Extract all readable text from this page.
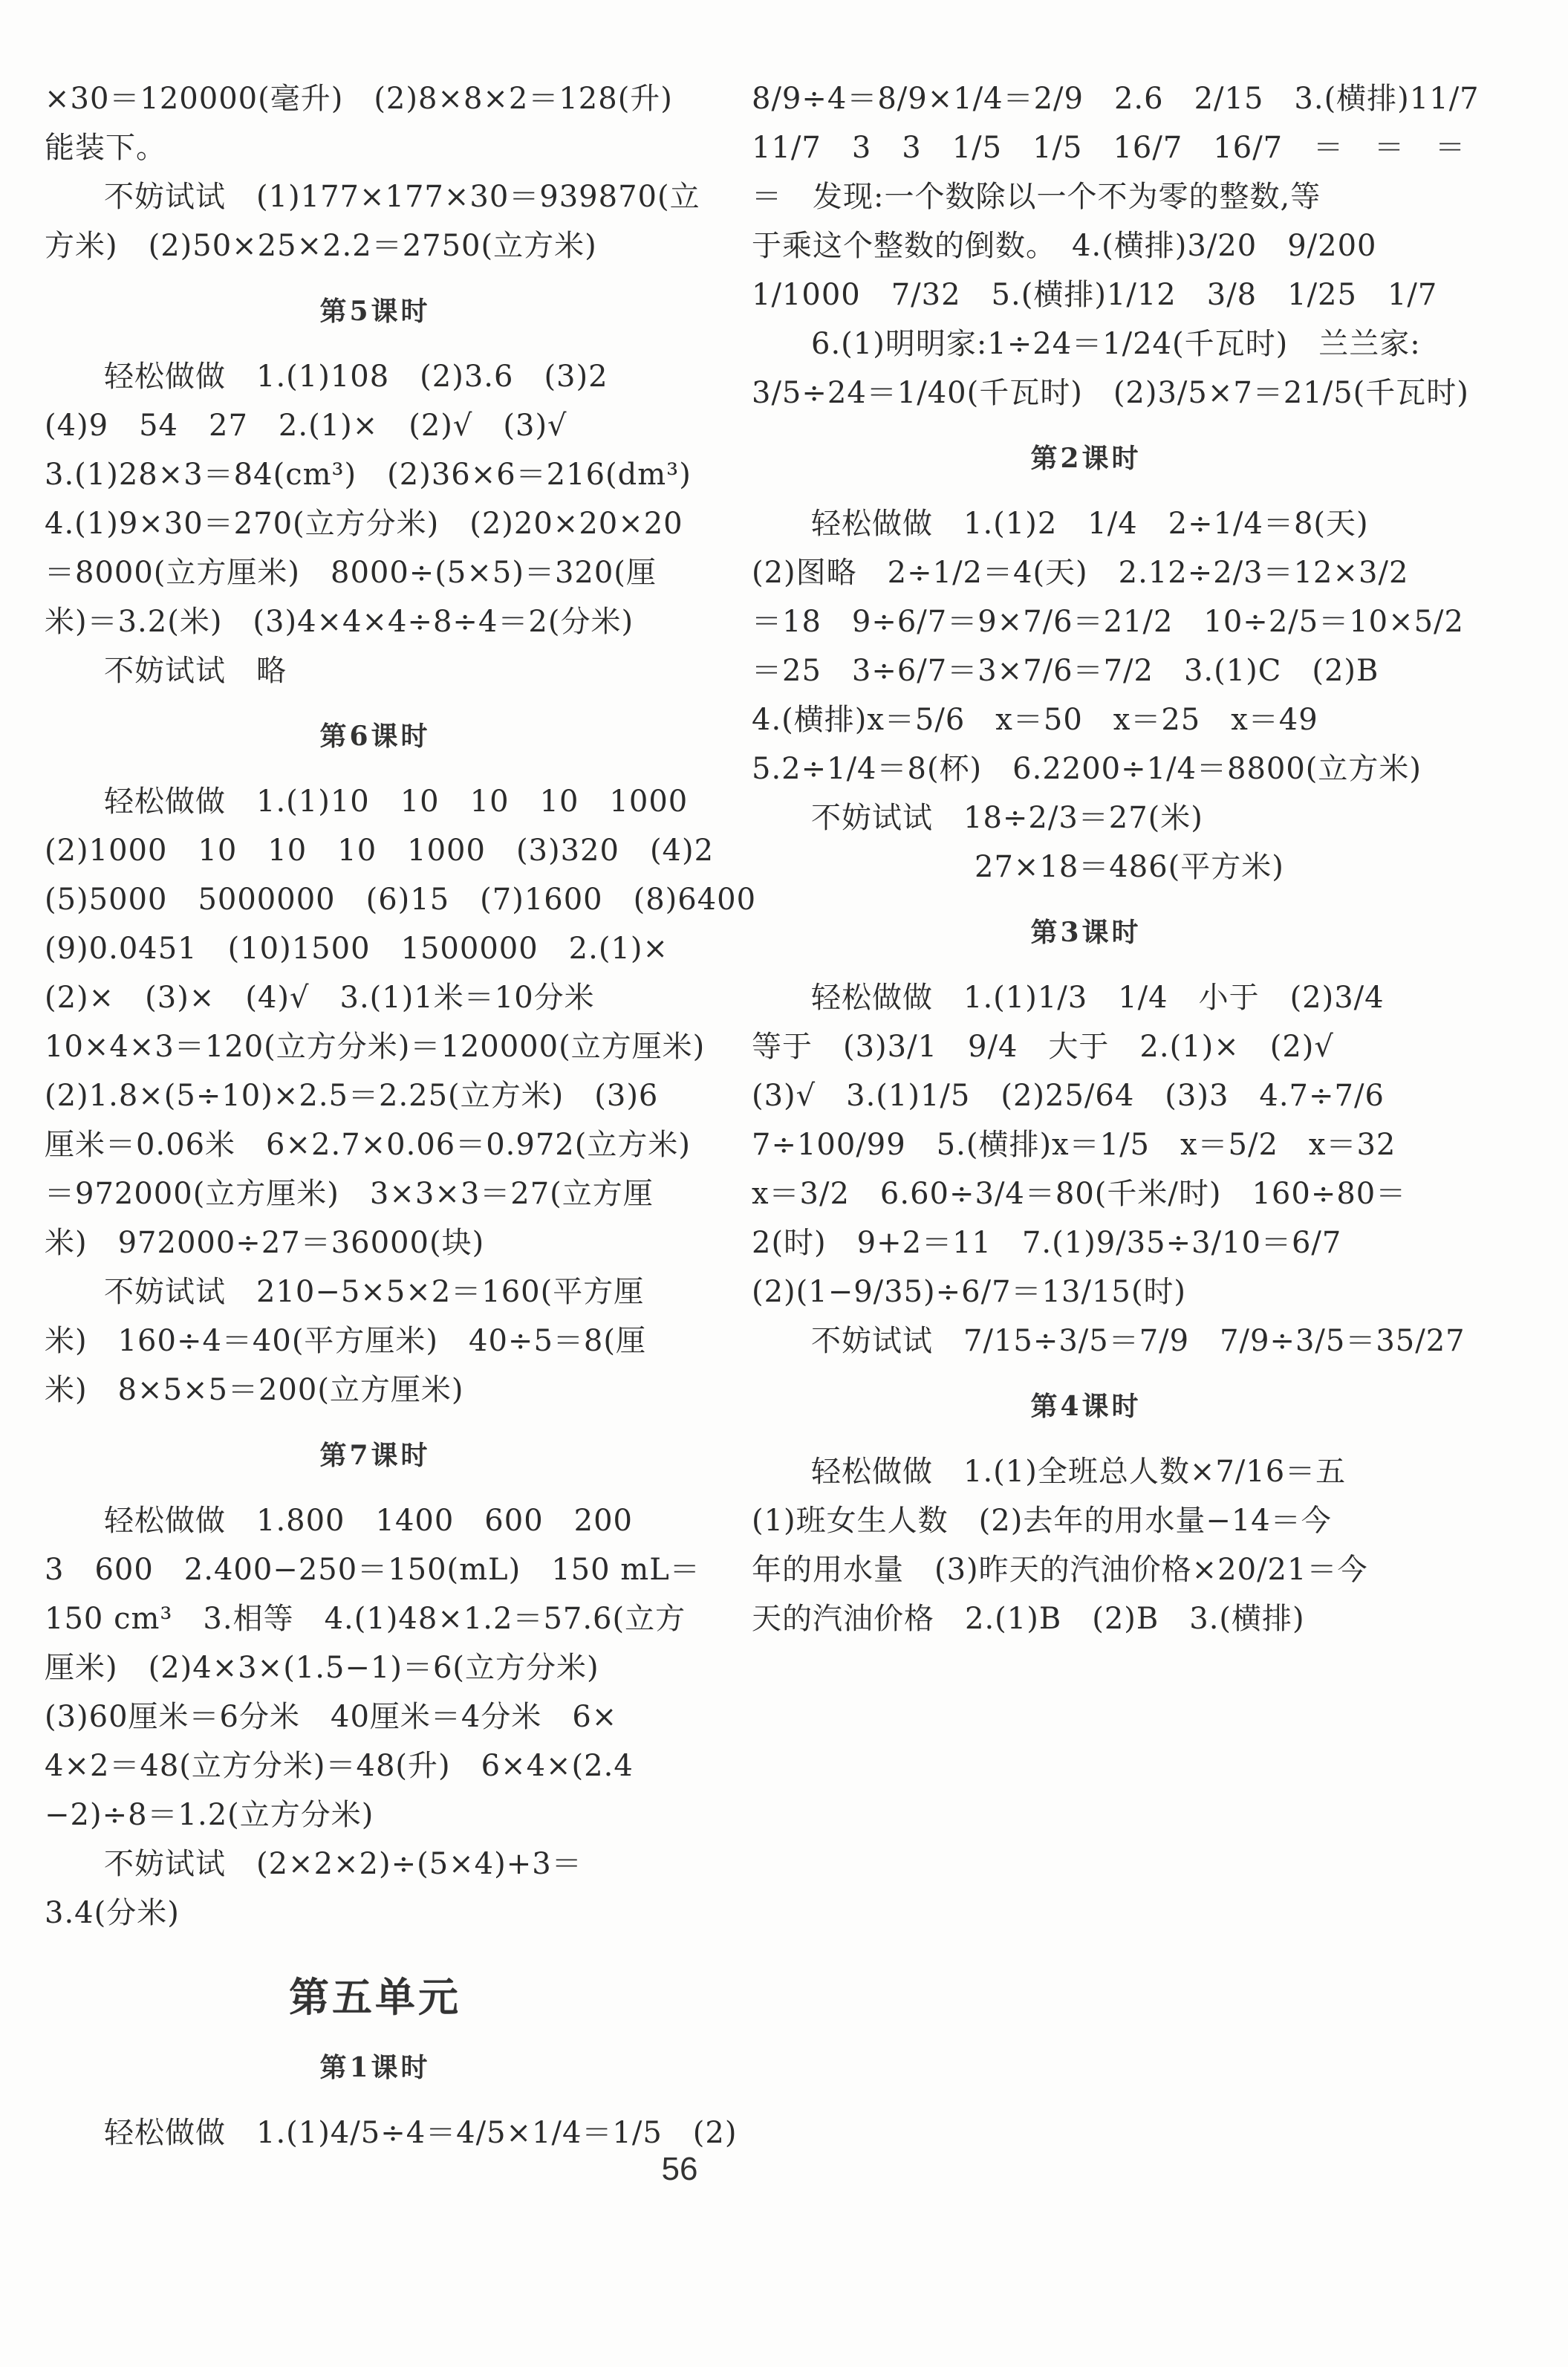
×30＝120000(毫升)　(2)8×8×2＝128(升)
能装下。
不妨试试　(1)177×177×30＝939870(立
方米)　(2)50×25×2.2＝2750(立方米)
第5课时
轻松做做　1.(1)108　(2)3.6　(3)2
(4)9　54　27　2.(1)×　(2)√　(3)√
3.(1)28×3＝84(cm³)　(2)36×6＝216(dm³)
4.(1)9×30＝270(立方分米)　(2)20×20×20
＝8000(立方厘米)　8000÷(5×5)＝320(厘
米)＝3.2(米)　(3)4×4×4÷8÷4＝2(分米)
不妨试试　略
第6课时
轻松做做　1.(1)10　10　10　10　1000
(2)1000　10　10　10　1000　(3)320　(4)2
(5)5000　5000000　(6)15　(7)1600　(8)6400
(9)0.0451　(10)1500　1500000　2.(1)×
(2)×　(3)×　(4)√　3.(1)1米＝10分米
10×4×3＝120(立方分米)＝120000(立方厘米)
(2)1.8×(5÷10)×2.5＝2.25(立方米)　(3)6
厘米＝0.06米　6×2.7×0.06＝0.972(立方米)
＝972000(立方厘米)　3×3×3＝27(立方厘
米)　972000÷27＝36000(块)
不妨试试　210−5×5×2＝160(平方厘
米)　160÷4＝40(平方厘米)　40÷5＝8(厘
米)　8×5×5＝200(立方厘米)
第7课时
轻松做做　1.800　1400　600　200
3　600　2.400−250＝150(mL)　150 mL＝
150 cm³　3.相等　4.(1)48×1.2＝57.6(立方
厘米)　(2)4×3×(1.5−1)＝6(立方分米)
(3)60厘米＝6分米　40厘米＝4分米　6×
4×2＝48(立方分米)＝48(升)　6×4×(2.4
−2)÷8＝1.2(立方分米)
不妨试试　(2×2×2)÷(5×4)+3＝
3.4(分米)
第五单元
第1课时
轻松做做　1.(1)4/5÷4＝4/5×1/4＝1/5　(2)
8/9÷4＝8/9×1/4＝2/9　2.6　2/15　3.(横排)11/7
11/7　3　3　1/5　1/5　16/7　16/7　＝　＝　＝
＝　发现:一个数除以一个不为零的整数,等
于乘这个整数的倒数。　4.(横排)3/20　9/200
1/1000　7/32　5.(横排)1/12　3/8　1/25　1/7
6.(1)明明家:1÷24＝1/24(千瓦时)　兰兰家:
3/5÷24＝1/40(千瓦时)　(2)3/5×7＝21/5(千瓦时)
第2课时
轻松做做　1.(1)2　1/4　2÷1/4＝8(天)
(2)图略　2÷1/2＝4(天)　2.12÷2/3＝12×3/2
＝18　9÷6/7＝9×7/6＝21/2　10÷2/5＝10×5/2
＝25　3÷6/7＝3×7/6＝7/2　3.(1)C　(2)B
4.(横排)x＝5/6　x＝50　x＝25　x＝49
5.2÷1/4＝8(杯)　6.2200÷1/4＝8800(立方米)
不妨试试　18÷2/3＝27(米)
27×18＝486(平方米)
第3课时
轻松做做　1.(1)1/3　1/4　小于　(2)3/4
等于　(3)3/1　9/4　大于　2.(1)×　(2)√
(3)√　3.(1)1/5　(2)25/64　(3)3　4.7÷7/6
7÷100/99　5.(横排)x＝1/5　x＝5/2　x＝32
x＝3/2　6.60÷3/4＝80(千米/时)　160÷80＝
2(时)　9+2＝11　7.(1)9/35÷3/10＝6/7
(2)(1−9/35)÷6/7＝13/15(时)
不妨试试　7/15÷3/5＝7/9　7/9÷3/5＝35/27
第4课时
轻松做做　1.(1)全班总人数×7/16＝五
(1)班女生人数　(2)去年的用水量−14＝今
年的用水量　(3)昨天的汽油价格×20/21＝今
天的汽油价格　2.(1)B　(2)B　3.(横排)
56
